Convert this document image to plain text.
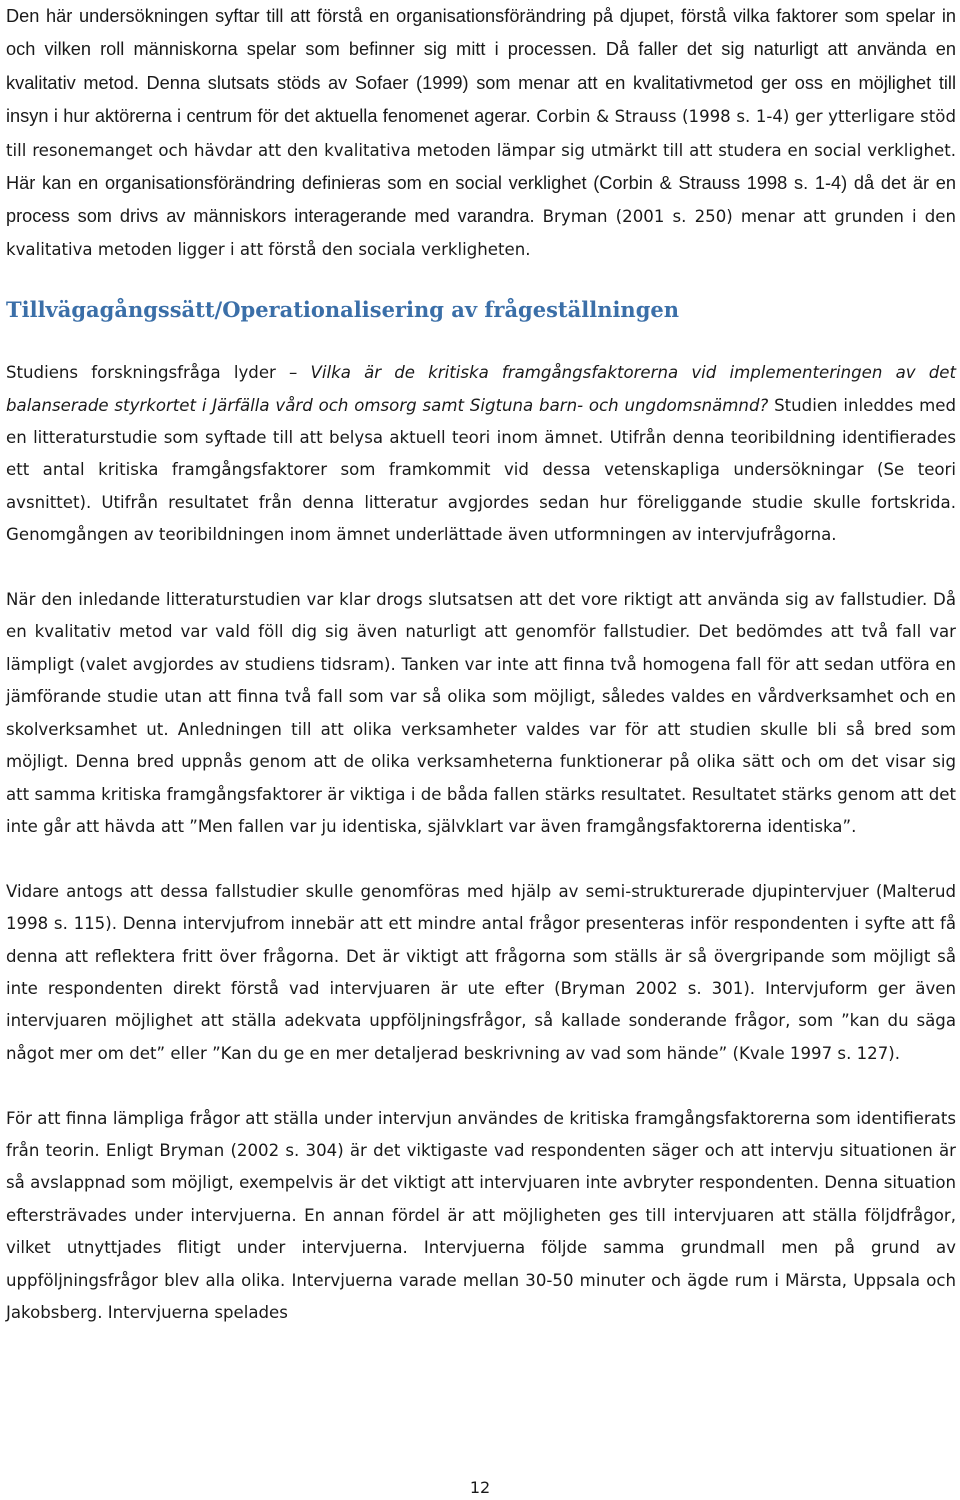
Den här undersökningen syftar till att förstå en organisationsförändring på djupet, förstå vilka faktorer som spelar in och vilken roll människorna spelar som befinner sig mitt i processen. Då faller det sig naturligt att använda en kvalitativ metod. Denna slutsats stöds av Sofaer (1999) som menar att en kvalitativmetod ger oss en möjlighet till insyn i hur aktörerna i centrum för det aktuella fenomenet agerar. Corbin & Strauss (1998 s. 1-4) ger ytterligare stöd till resonemanget och hävdar att den kvalitativa metoden lämpar sig utmärkt till att studera en social verklighet. Här kan en organisationsförändring definieras som en social verklighet (Corbin & Strauss 1998 s. 1-4) då det är en process som drivs av människors interagerande med varandra. Bryman (2001 s. 250) menar att grunden i den kvalitativa metoden ligger i att förstå den sociala verkligheten.

Tillvägagångssätt/Operationalisering av frågeställningen

Studiens forskningsfråga lyder – Vilka är de kritiska framgångsfaktorerna vid implementeringen av det balanserade styrkortet i Järfälla vård och omsorg samt Sigtuna barn- och ungdomsnämnd? Studien inleddes med en litteraturstudie som syftade till att belysa aktuell teori inom ämnet. Utifrån denna teoribildning identifierades ett antal kritiska framgångsfaktorer som framkommit vid dessa vetenskapliga undersökningar (Se teori avsnittet). Utifrån resultatet från denna litteratur avgjordes sedan hur föreliggande studie skulle fortskrida. Genomgången av teoribildningen inom ämnet underlättade även utformningen av intervjufrågorna.

När den inledande litteraturstudien var klar drogs slutsatsen att det vore riktigt att använda sig av fallstudier. Då en kvalitativ metod var vald föll dig sig även naturligt att genomför fallstudier. Det bedömdes att två fall var lämpligt (valet avgjordes av studiens tidsram). Tanken var inte att finna två homogena fall för att sedan utföra en jämförande studie utan att finna två fall som var så olika som möjligt, således valdes en vårdverksamhet och en skolverksamhet ut. Anledningen till att olika verksamheter valdes var för att studien skulle bli så bred som möjligt. Denna bred uppnås genom att de olika verksamheterna funktionerar på olika sätt och om det visar sig att samma kritiska framgångsfaktorer är viktiga i de båda fallen stärks resultatet. Resultatet stärks genom att det inte går att hävda att ”Men fallen var ju identiska, självklart var även framgångsfaktorerna identiska”.

Vidare antogs att dessa fallstudier skulle genomföras med hjälp av semi-strukturerade djupintervjuer (Malterud 1998 s. 115). Denna intervjufrom innebär att ett mindre antal frågor presenteras inför respondenten i syfte att få denna att reflektera fritt över frågorna. Det är viktigt att frågorna som ställs är så övergripande som möjligt så inte respondenten direkt förstå vad intervjuaren är ute efter (Bryman 2002 s. 301). Intervjuform ger även intervjuaren möjlighet att ställa adekvata uppföljningsfrågor, så kallade sonderande frågor, som ”kan du säga något mer om det” eller ”Kan du ge en mer detaljerad beskrivning av vad som hände” (Kvale 1997 s. 127).

För att finna lämpliga frågor att ställa under intervjun användes de kritiska framgångsfaktorerna som identifierats från teorin. Enligt Bryman (2002 s. 304) är det viktigaste vad respondenten säger och att intervju situationen är så avslappnad som möjligt, exempelvis är det viktigt att intervjuaren inte avbryter respondenten. Denna situation eftersträvades under intervjuerna. En annan fördel är att möjligheten ges till intervjuaren att ställa följdfrågor, vilket utnyttjades flitigt under intervjuerna. Intervjuerna följde samma grundmall men på grund av uppföljningsfrågor blev alla olika. Intervjuerna varade mellan 30-50 minuter och ägde rum i Märsta, Uppsala och Jakobsberg. Intervjuerna spelades

12
